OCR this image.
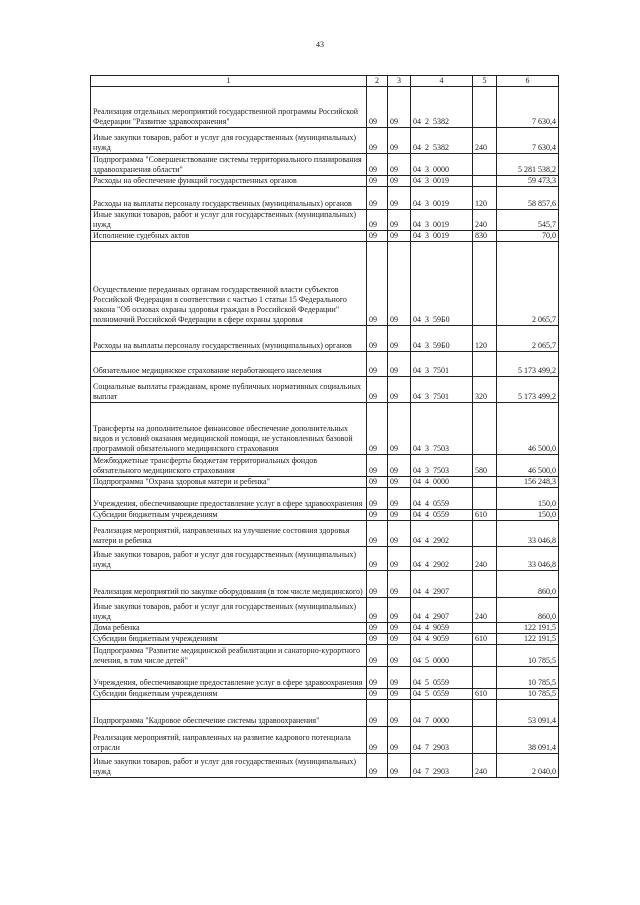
43
1	2	3	4	5	6
Реализация отдельных мероприятий государственной программы Российской Федерации "Развитие здравоохранения"	09	09	04 2 5382		7 630,4
Иные закупки товаров, работ и услуг для государственных (муниципальных) нужд	09	09	04 2 5382	240	7 630,4
Подпрограмма "Совершенствование системы территориального планирования здравоохранения области"	09	09	04 3 0000		5 281 538,2
Расходы на обеспечение функций государственных органов	09	09	04 3 0019		59 473,3
Расходы на выплаты персоналу государственных (муниципальных) органов	09	09	04 3 0019	120	58 857,6
Иные закупки товаров, работ и услуг для государственных (муниципальных) нужд	09	09	04 3 0019	240	545,7
Исполнение судебных актов	09	09	04 3 0019	830	70,0
Осуществление переданных органам государственной власти субъектов Российской Федерации в соответствии с частью 1 статьи 15 Федерального закона "Об основах охраны здоровья граждан в Российской Федерации" полномочий Российской Федерации в сфере охраны здоровья	09	09	04 3 59Б0		2 065,7
Расходы на выплаты персоналу государственных (муниципальных) органов	09	09	04 3 59Б0	120	2 065,7
Обязательное медицинское страхование неработающего населения	09	09	04 3 7501		5 173 499,2
Социальные выплаты гражданам, кроме публичных нормативных социальных выплат	09	09	04 3 7501	320	5 173 499,2
Трансферты на дополнительное финансовое обеспечение дополнительных видов и условий оказания медицинской помощи, не установленных базовой программой обязательного медицинского страхования	09	09	04 3 7503		46 500,0
Межбюджетные трансферты бюджетам территориальных фондов обязательного медицинского страхования	09	09	04 3 7503	580	46 500,0
Подпрограмма "Охрана здоровья матери и ребенка"	09	09	04 4 0000		156 248,3
Учреждения, обеспечивающие предоставление услуг в сфере здравоохранения	09	09	04 4 0559		150,0
Субсидии бюджетным учреждениям	09	09	04 4 0559	610	150,0
Реализация мероприятий, направленных на улучшение состояния здоровья матери и ребенка	09	09	04 4 2902		33 046,8
Иные закупки товаров, работ и услуг для государственных (муниципальных) нужд	09	09	04 4 2902	240	33 046,8
Реализация мероприятий по закупке оборудования (в том числе медицинского)	09	09	04 4 2907		860,0
Иные закупки товаров, работ и услуг для государственных (муниципальных) нужд	09	09	04 4 2907	240	860,0
Дома ребенка	09	09	04 4 9059		122 191,5
Субсидии бюджетным учреждениям	09	09	04 4 9059	610	122 191,5
Подпрограмма "Развитие медицинской реабилитации и санаторно-курортного лечения, в том числе детей"	09	09	04 5 0000		10 785,5
Учреждения, обеспечивающие предоставление услуг в сфере здравоохранения	09	09	04 5 0559		10 785,5
Субсидии бюджетным учреждениям	09	09	04 5 0559	610	10 785,5
Подпрограмма "Кадровое обеспечение системы здравоохранения"	09	09	04 7 0000		53 091,4
Реализация мероприятий, направленных на развитие кадрового потенциала отрасли	09	09	04 7 2903		38 091,4
Иные закупки товаров, работ и услуг для государственных (муниципальных) нужд	09	09	04 7 2903	240	2 040,0
